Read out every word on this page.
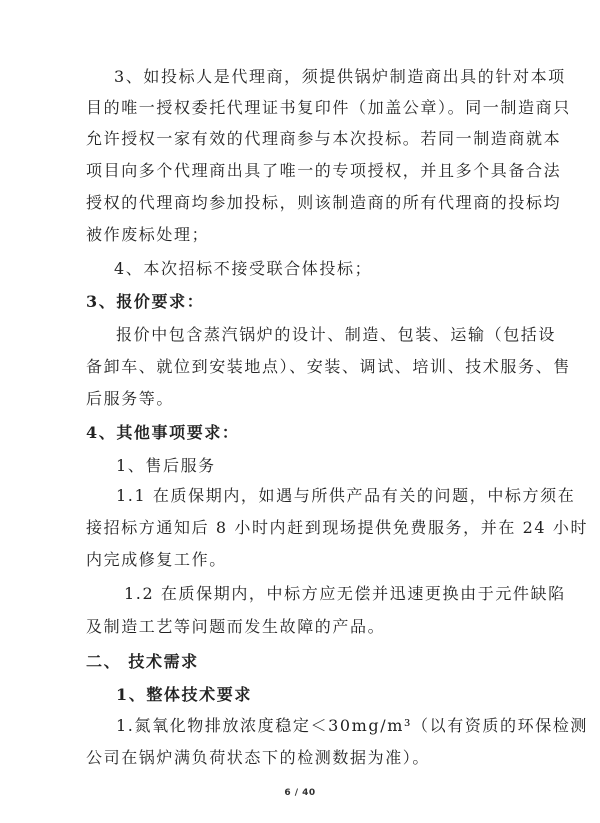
3、如投标人是代理商，须提供锅炉制造商出具的针对本项
目的唯一授权委托代理证书复印件（加盖公章）。同一制造商只
允许授权一家有效的代理商参与本次投标。若同一制造商就本
项目向多个代理商出具了唯一的专项授权，并且多个具备合法
授权的代理商均参加投标，则该制造商的所有代理商的投标均
被作废标处理；
4、本次招标不接受联合体投标；
3、报价要求：
报价中包含蒸汽锅炉的设计、制造、包装、运输（包括设
备卸车、就位到安装地点）、安装、调试、培训、技术服务、售
后服务等。
4、其他事项要求：
1、售后服务
1.1 在质保期内，如遇与所供产品有关的问题，中标方须在
接招标方通知后 8 小时内赶到现场提供免费服务，并在 24 小时
内完成修复工作。
1.2 在质保期内，中标方应无偿并迅速更换由于元件缺陷
及制造工艺等问题而发生故障的产品。
二、 技术需求
1、整体技术要求
1.氮氧化物排放浓度稳定＜30mg/m³（以有资质的环保检测
公司在锅炉满负荷状态下的检测数据为准）。
6 / 40
